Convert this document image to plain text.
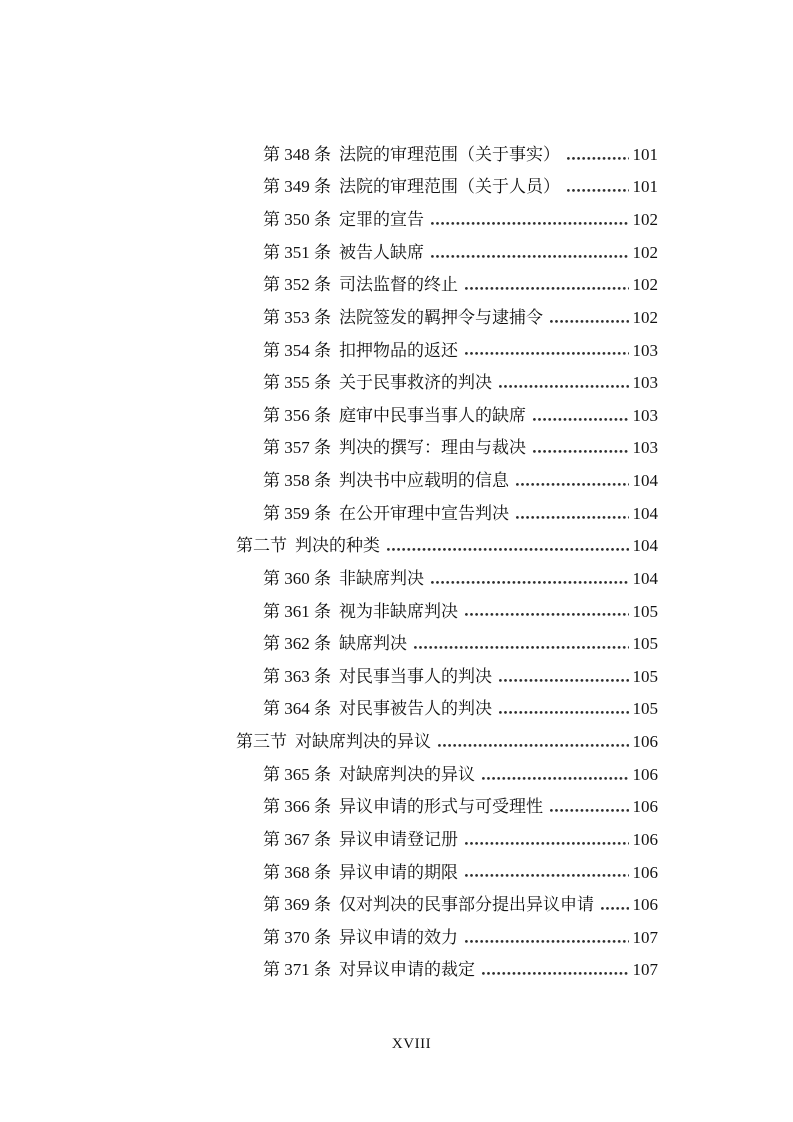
第 348 条 法院的审理范围（关于事实）	101
第 349 条 法院的审理范围（关于人员）	101
第 350 条 定罪的宣告	102
第 351 条 被告人缺席	102
第 352 条 司法监督的终止	102
第 353 条 法院签发的羁押令与逮捕令	102
第 354 条 扣押物品的返还	103
第 355 条 关于民事救济的判决	103
第 356 条 庭审中民事当事人的缺席	103
第 357 条 判决的撰写：理由与裁决	103
第 358 条 判决书中应载明的信息	104
第 359 条 在公开审理中宣告判决	104
第二节 判决的种类	104
第 360 条 非缺席判决	104
第 361 条 视为非缺席判决	105
第 362 条 缺席判决	105
第 363 条 对民事当事人的判决	105
第 364 条 对民事被告人的判决	105
第三节 对缺席判决的异议	106
第 365 条 对缺席判决的异议	106
第 366 条 异议申请的形式与可受理性	106
第 367 条 异议申请登记册	106
第 368 条 异议申请的期限	106
第 369 条 仅对判决的民事部分提出异议申请 106
第 370 条 异议申请的效力	107
第 371 条 对异议申请的裁定	107
XVIII
